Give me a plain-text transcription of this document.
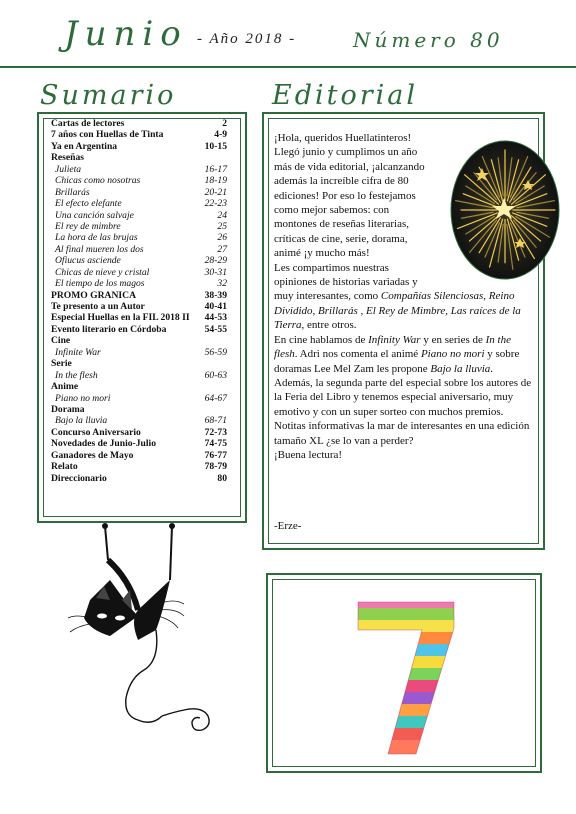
Junio - Año 2018 -	Número 80
Sumario
Cartas de lectores	2
7 años con Huellas de Tinta	4-9
Ya en Argentina	10-15
Reseñas
Julieta	16-17
Chicas como nosotras	18-19
Brillarás	20-21
El efecto elefante	22-23
Una canción salvaje	24
El rey de mimbre	25
La hora de las brujas	26
Al final mueren los dos	27
Ofiucus asciende	28-29
Chicas de nieve y cristal	30-31
El tiempo de los magos	32
PROMO GRANICA	38-39
Te presento a un Autor	40-41
Especial Huellas en la FIL 2018 II 44-53
Evento literario en Córdoba	54-55
Cine
Infinite War	56-59
Serie
In the flesh	60-63
Anime
Piano no mori	64-67
Dorama
Bajo la lluvia	68-71
Concurso Aniversario	72-73
Novedades de Junio-Julio	74-75
Ganadores de Mayo	76-77
Relato	78-79
Direccionario	80
Editorial

¡Hola, queridos Huellatinteros! Llegó junio y cumplimos un año más de vida editorial, ¡alcanzando además la increíble cifra de 80 ediciones! Por eso lo festejamos como mejor sabemos: con montones de reseñas literarias, críticas de cine, serie, dorama, animé ¡y mucho más!

Les compartimos nuestras opiniones de historias variadas y muy interesantes, como Compañías Silenciosas, Reino Dividido, Brillarás , El Rey de Mimbre, Las raíces de la Tierra, entre otros.

En cine hablamos de Infinity War y en series de In the flesh. Adri nos comenta el animé Piano no mori y sobre doramas Lee Mel Zam les propone Bajo la lluvia.

Además, la segunda parte del especial sobre los autores de la Feria del Libro y tenemos especial aniversario, muy emotivo y con un super sorteo con muchos premios.

Notitas informativas la mar de interesantes en una edición tamaño XL ¿se lo van a perder?

¡Buena lectura!

-Erze-
